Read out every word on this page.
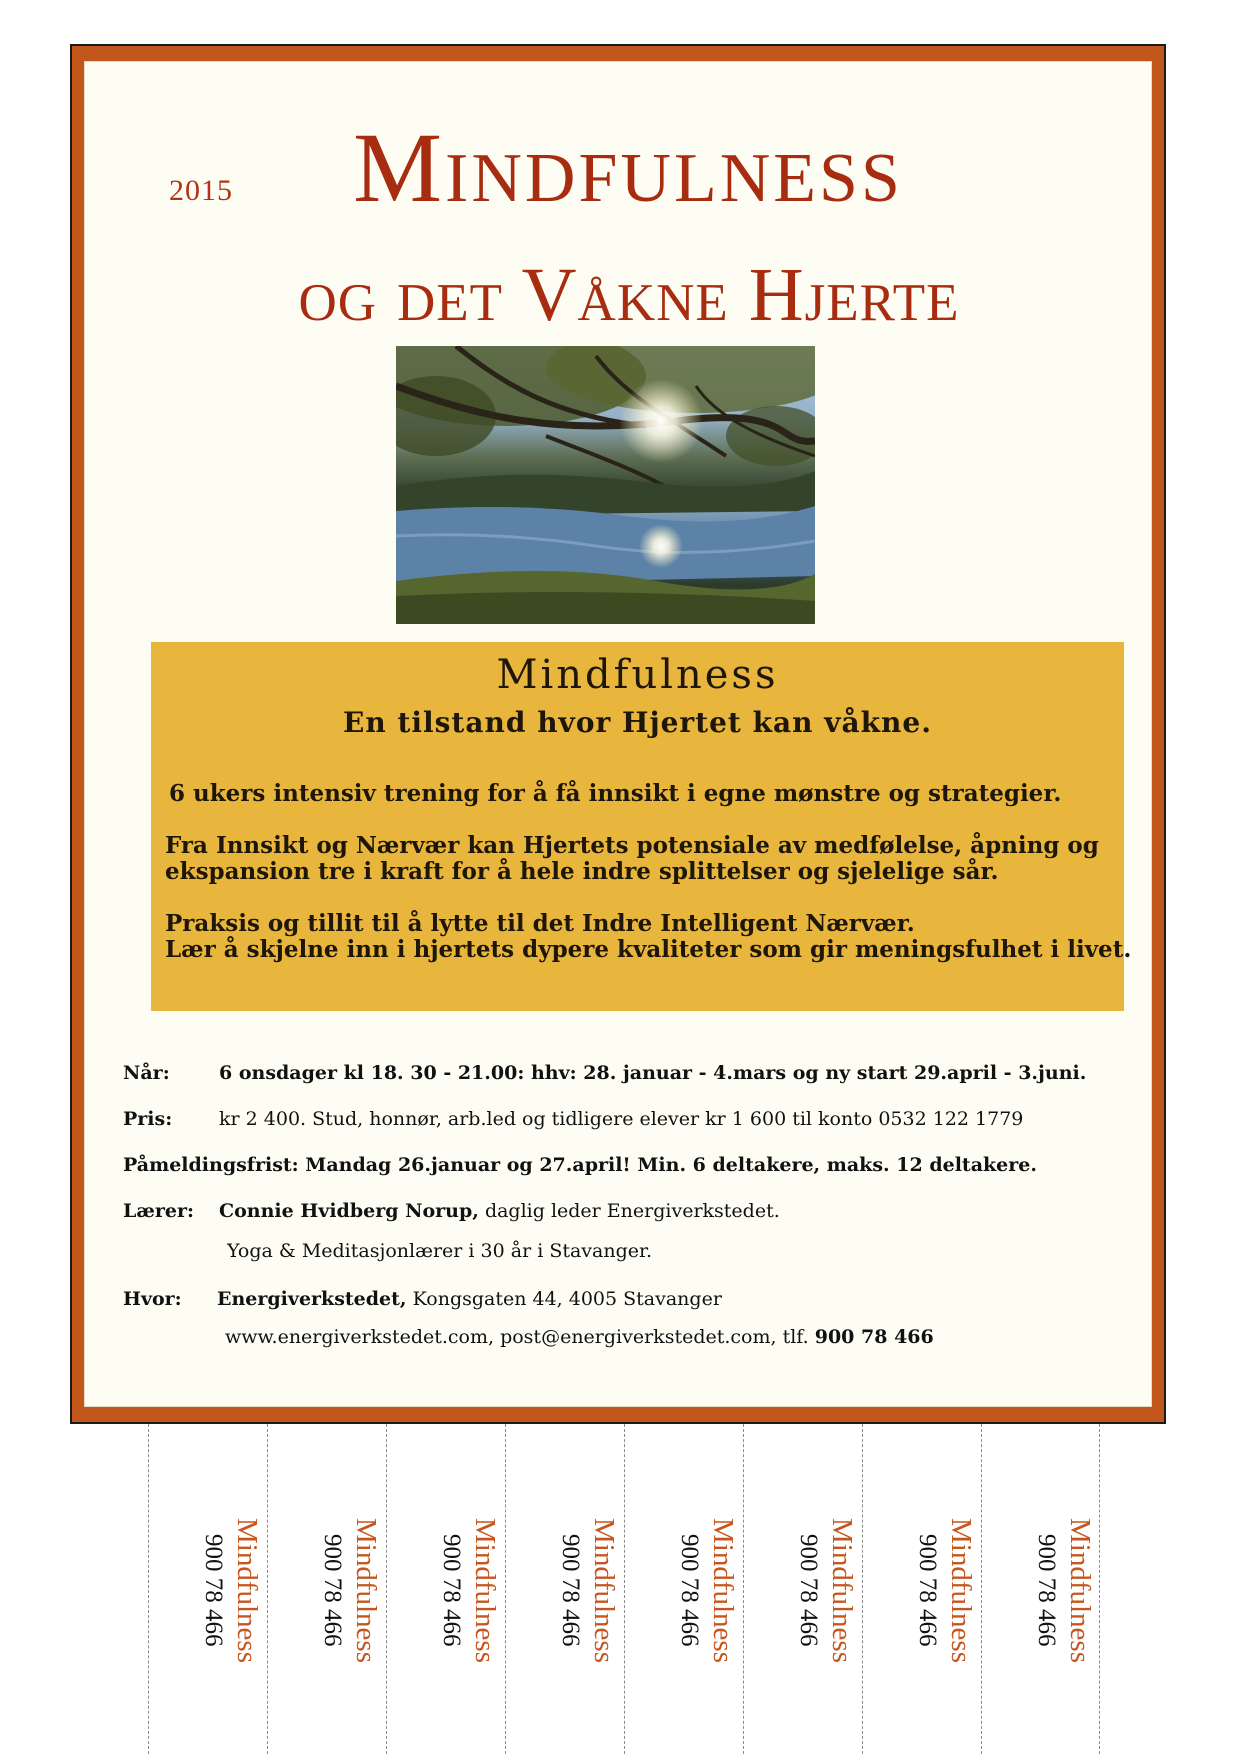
2015	Mindfulness
og det Våkne Hjerte
Mindfulness
En tilstand hvor Hjertet kan våkne.

6 ukers intensiv trening for å få innsikt i egne mønstre og strategier.

Fra Innsikt og Nærvær kan Hjertets potensiale av medfølelse, åpning og

ekspansion tre i kraft for å hele indre splittelser og sjelelige sår.

Praksis og tillit til å lytte til det Indre Intelligent Nærvær.

Lær å skjelne inn i hjertets dypere kvaliteter som gir meningsfulhet i livet.

Når:	6 onsdager kl 18. 30 - 21.00: hhv: 28. januar - 4.mars og ny start 29.april - 3.juni.
Pris: kr 2 400. Stud, honnør, arb.led og tidligere elever kr 1 600 til konto 0532 122 1779
Påmeldingsfrist: Mandag 26.januar og 27.april! Min. 6 deltakere, maks. 12 deltakere.
Lærer: Connie Hvidberg Norup, daglig leder Energiverkstedet.
Yoga & Meditasjonlærer i 30 år i Stavanger.
Hvor: Energiverkstedet, Kongsgaten 44, 4005 Stavanger
www.energiverkstedet.com, post@energiverkstedet.com, tlf. 900 78 466
Mindfulness
900 78 466	Mindfulness
900 78 466	Mindfulness
900 78 466	Mindfulness
900 78 466	Mindfulness
900 78 466	Mindfulness
900 78 466	Mindfulness
900 78 466	Mindfulness
900 78 466
